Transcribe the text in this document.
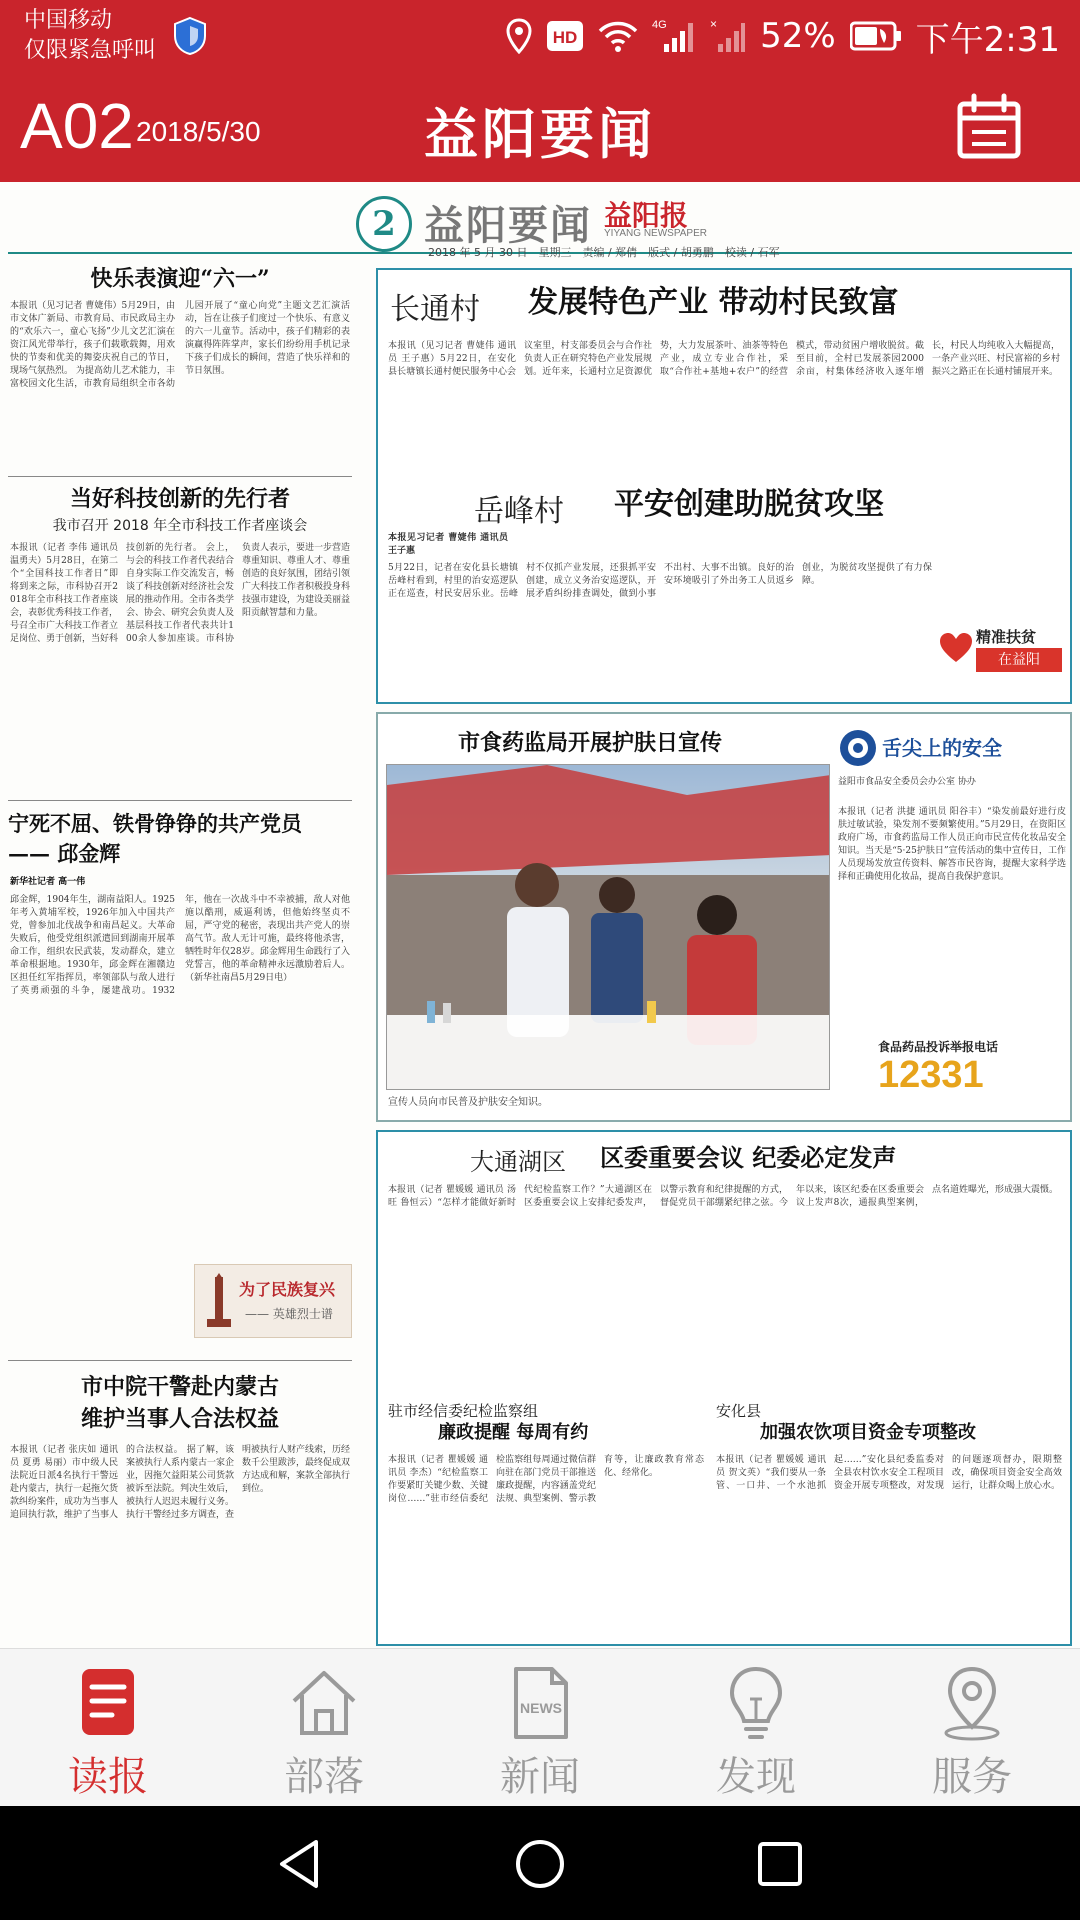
中国移动
仅限紧急呼叫
HD
4G	× 52% 下午2:31
A02 2018/5/30	益阳要闻
2 益阳要闻 益阳报
YIYANG NEWSPAPER
2018 年 5 月 30 日　星期三　责编 / 郑倩　版式 / 胡勇鹏　校读 / 石军
快乐表演迎“六一”
本报讯（见习记者 曹婕伟）5月29日，由市文体广新局、市教育局、市民政局主办的“欢乐六一，童心飞扬”少儿文艺汇演在资江风光带举行，孩子们载歌载舞，用欢快的节奏和优美的舞姿庆祝自己的节日，现场气氛热烈。 为提高幼儿艺术能力，丰富校园文化生活，市教育局组织全市各幼儿园开展了“童心向党”主题文艺汇演活动，旨在让孩子们度过一个快乐、有意义的六一儿童节。活动中，孩子们精彩的表演赢得阵阵掌声，家长们纷纷用手机记录下孩子们成长的瞬间，营造了快乐祥和的节日氛围。
当好科技创新的先行者
我市召开 2018 年全市科技工作者座谈会
本报讯（记者 李伟 通讯员 温勇夫）5月28日，在第二个“全国科技工作者日”即将到来之际，市科协召开2018年全市科技工作者座谈会，表彰优秀科技工作者，号召全市广大科技工作者立足岗位、勇于创新，当好科技创新的先行者。 会上，与会的科技工作者代表结合自身实际工作交流发言，畅谈了科技创新对经济社会发展的推动作用。全市各类学会、协会、研究会负责人及基层科技工作者代表共计100余人参加座谈。市科协负责人表示，要进一步营造尊重知识、尊重人才、尊重创造的良好氛围，团结引领广大科技工作者积极投身科技强市建设，为建设美丽益阳贡献智慧和力量。
宁死不屈、铁骨铮铮的共产党员
—— 邱金辉
新华社记者 高一伟
邱金辉，1904年生，湖南益阳人。1925年考入黄埔军校，1926年加入中国共产党，曾参加北伐战争和南昌起义。大革命失败后，他受党组织派遣回到湖南开展革命工作，组织农民武装，发动群众，建立革命根据地。1930年，邱金辉在湘赣边区担任红军指挥员，率领部队与敌人进行了英勇顽强的斗争，屡建战功。1932年，他在一次战斗中不幸被捕，敌人对他施以酷刑，威逼利诱，但他始终坚贞不屈，严守党的秘密，表现出共产党人的崇高气节。敌人无计可施，最终将他杀害，牺牲时年仅28岁。邱金辉用生命践行了入党誓言，他的革命精神永远激励着后人。（新华社南昌5月29日电）
为了民族复兴
—— 英雄烈士谱
市中院干警赴内蒙古
维护当事人合法权益
本报讯（记者 张庆如 通讯员 夏勇 易丽）市中级人民法院近日派4名执行干警远赴内蒙古，执行一起拖欠货款纠纷案件，成功为当事人追回执行款，维护了当事人的合法权益。 据了解，该案被执行人系内蒙古一家企业，因拖欠益阳某公司货款被诉至法院。判决生效后，被执行人迟迟未履行义务。执行干警经过多方调查，查明被执行人财产线索，历经数千公里跋涉，最终促成双方达成和解，案款全部执行到位。
长通村 发展特色产业 带动村民致富
本报讯（见习记者 曹婕伟 通讯员 王子惠）5月22日，在安化县长塘镇长通村便民服务中心会议室里，村支部委员会与合作社负责人正在研究特色产业发展规划。近年来，长通村立足资源优势，大力发展茶叶、油茶等特色产业，成立专业合作社，采取“合作社+基地+农户”的经营模式，带动贫困户增收脱贫。截至目前，全村已发展茶园2000余亩，村集体经济收入逐年增长，村民人均纯收入大幅提高，一条产业兴旺、村民富裕的乡村振兴之路正在长通村铺展开来。
岳峰村 平安创建助脱贫攻坚
本报见习记者 曹婕伟 通讯员 王子惠
5月22日，记者在安化县长塘镇岳峰村看到，村里的治安巡逻队正在巡查，村民安居乐业。岳峰村不仅抓产业发展，还狠抓平安创建，成立义务治安巡逻队，开展矛盾纠纷排查调处，做到小事不出村、大事不出镇。良好的治安环境吸引了外出务工人员返乡创业，为脱贫攻坚提供了有力保障。
精准扶贫
在益阳
市食药监局开展护肤日宣传
宣传人员向市民普及护肤安全知识。
舌尖上的安全
益阳市食品安全委员会办公室 协办
本报讯（记者 洪捷 通讯员 阳谷丰）“染发前最好进行皮肤过敏试验，染发剂不要频繁使用。”5月29日，在资阳区政府广场，市食药监局工作人员正向市民宣传化妆品安全知识。当天是“5·25护肤日”宣传活动的集中宣传日，工作人员现场发放宣传资料、解答市民咨询，提醒大家科学选择和正确使用化妆品，提高自我保护意识。
食品药品投诉举报电话
12331
大通湖区 区委重要会议 纪委必定发声
本报讯（记者 瞿媛媛 通讯员 汤旺 鲁恒云）“怎样才能做好新时代纪检监察工作？”大通湖区在区委重要会议上安排纪委发声，以警示教育和纪律提醒的方式，督促党员干部绷紧纪律之弦。今年以来，该区纪委在区委重要会议上发声8次，通报典型案例，点名道姓曝光，形成强大震慑。
驻市经信委纪检监察组
廉政提醒 每周有约
本报讯（记者 瞿媛媛 通讯员 李杰）“纪检监察工作要紧盯关键少数、关键岗位……”驻市经信委纪检监察组每周通过微信群向驻在部门党员干部推送廉政提醒，内容涵盖党纪法规、典型案例、警示教育等，让廉政教育常态化、经常化。
安化县
加强农饮项目资金专项整改
本报讯（记者 瞿媛媛 通讯员 贺文英）“我们要从一条管、一口井、一个水池抓起……”安化县纪委监委对全县农村饮水安全工程项目资金开展专项整改，对发现的问题逐项督办，限期整改，确保项目资金安全高效运行，让群众喝上放心水。
读报	部落
NEWS
新闻	发现	服务
